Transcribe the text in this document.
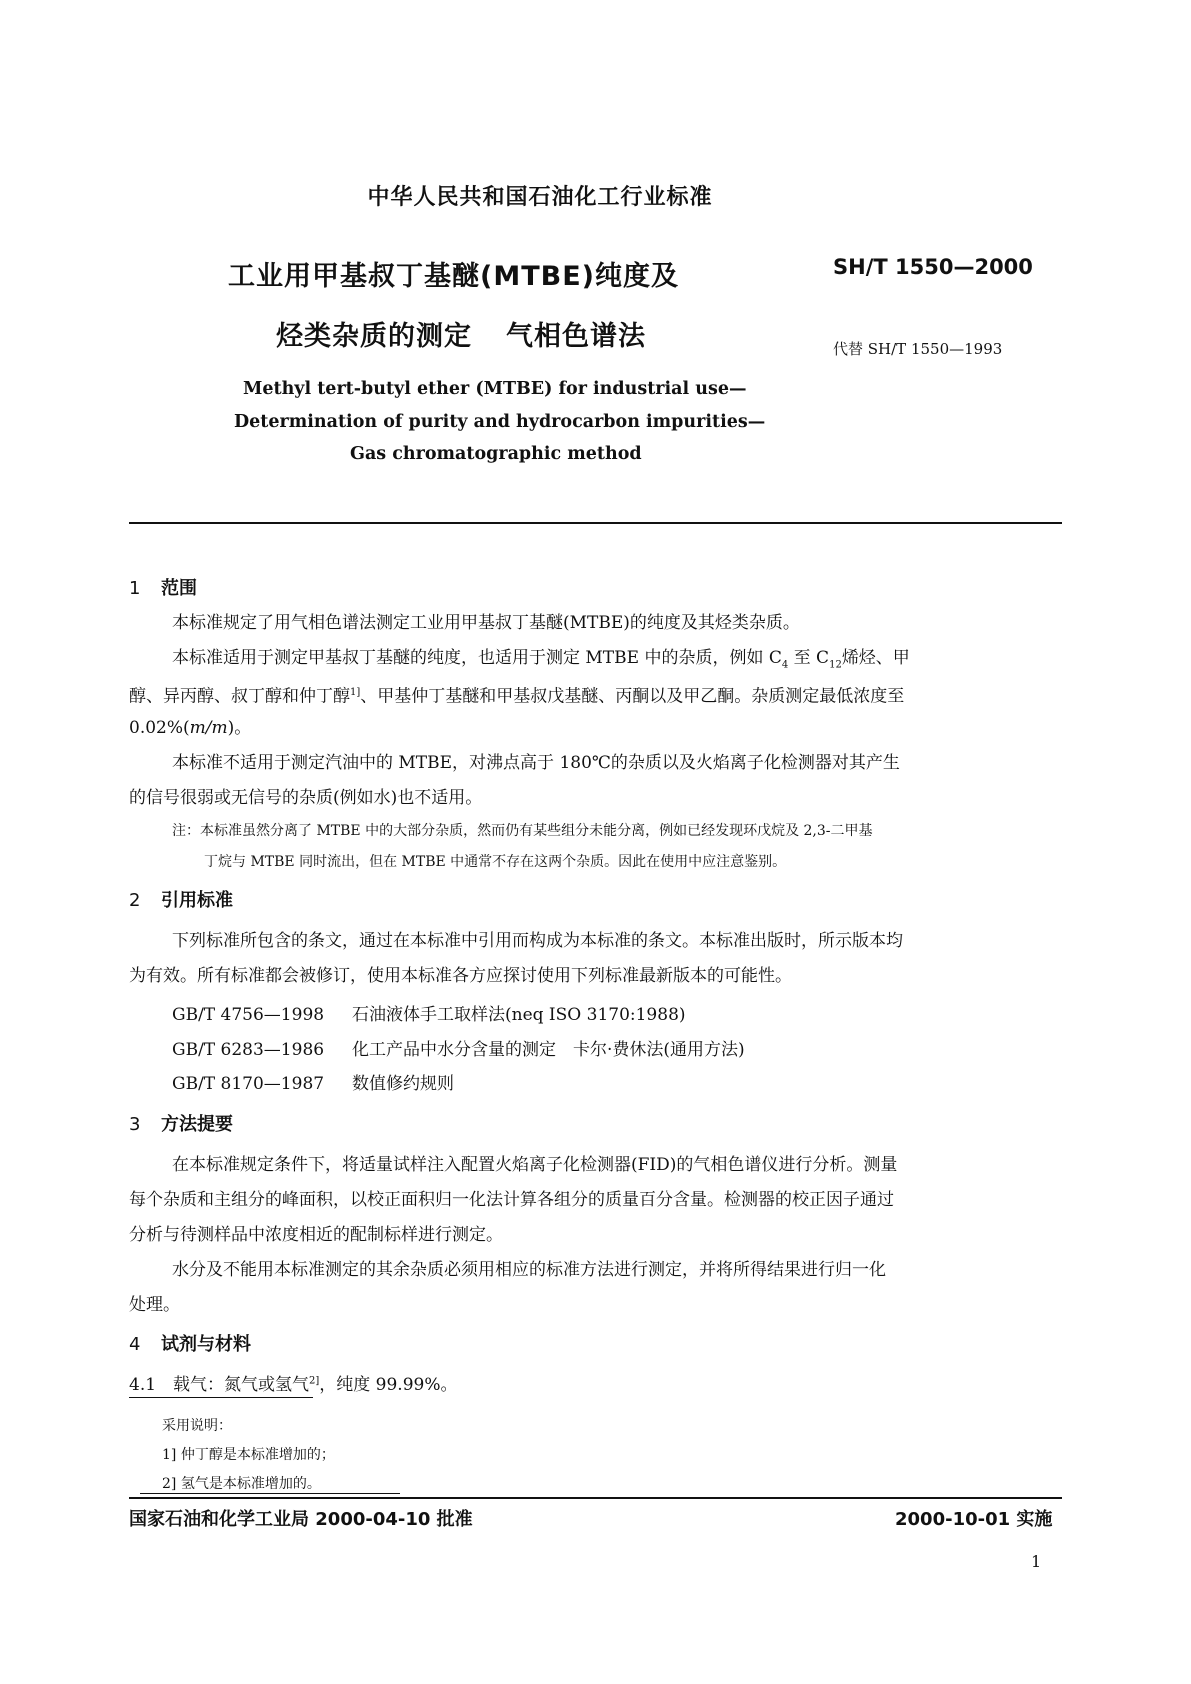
中华人民共和国石油化工行业标准
工业用甲基叔丁基醚(MTBE)纯度及
烃类杂质的测定 气相色谱法
SH/T 1550—2000
代替 SH/T 1550—1993
Methyl tert-butyl ether (MTBE) for industrial use—
Determination of purity and hydrocarbon impurities—
Gas chromatographic method
1 范围
本标准规定了用气相色谱法测定工业用甲基叔丁基醚(MTBE)的纯度及其烃类杂质。
本标准适用于测定甲基叔丁基醚的纯度，也适用于测定 MTBE 中的杂质，例如 $C_4$ 至 $C_{12}$烯烃、甲
醇、异丙醇、叔丁醇和仲丁醇$^{1]}$、甲基仲丁基醚和甲基叔戊基醚、丙酮以及甲乙酮。杂质测定最低浓度至
0.02%(m/m)。
本标准不适用于测定汽油中的 MTBE，对沸点高于 180℃的杂质以及火焰离子化检测器对其产生
的信号很弱或无信号的杂质(例如水)也不适用。
注：本标准虽然分离了 MTBE 中的大部分杂质，然而仍有某些组分未能分离，例如已经发现环戊烷及 2,3-二甲基
丁烷与 MTBE 同时流出，但在 MTBE 中通常不存在这两个杂质。因此在使用中应注意鉴别。
2 引用标准
下列标准所包含的条文，通过在本标准中引用而构成为本标准的条文。本标准出版时，所示版本均
为有效。所有标准都会被修订，使用本标准各方应探讨使用下列标准最新版本的可能性。
GB/T 4756—1998 石油液体手工取样法(neq ISO 3170:1988)
GB/T 6283—1986 化工产品中水分含量的测定　卡尔·费休法(通用方法)
GB/T 8170—1987 数值修约规则
3 方法提要
在本标准规定条件下，将适量试样注入配置火焰离子化检测器(FID)的气相色谱仪进行分析。测量
每个杂质和主组分的峰面积，以校正面积归一化法计算各组分的质量百分含量。检测器的校正因子通过
分析与待测样品中浓度相近的配制标样进行测定。
水分及不能用本标准测定的其余杂质必须用相应的标准方法进行测定，并将所得结果进行归一化
处理。
4 试剂与材料
4.1 载气：氮气或氢气$^{2]}$，纯度 99.99%。
采用说明：
1] 仲丁醇是本标准增加的；
2] 氢气是本标准增加的。
国家石油和化学工业局 2000-04-10 批准	2000-10-01 实施
1
